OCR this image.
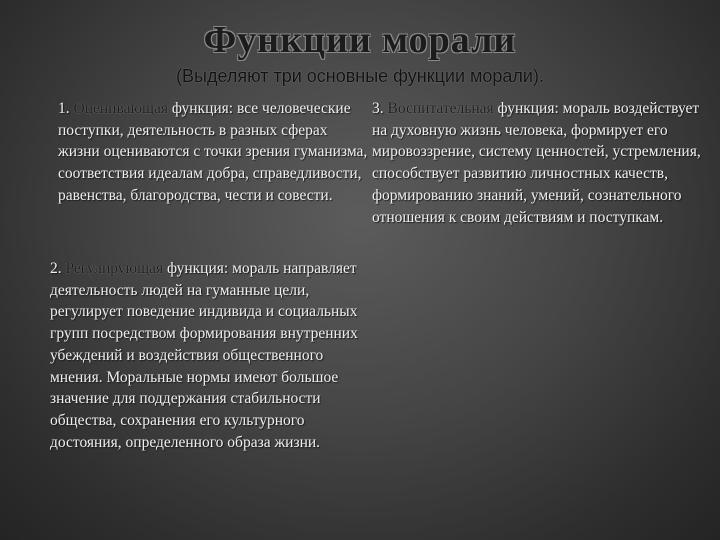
Функции морали
(Выделяют три основные функции морали).
1. Оценивающая функция: все человеческие поступки, деятельность в разных сферах жизни оцениваются с точки зрения гуманизма, соответствия идеалам добра, справедливости, равенства, благородства, чести и совести.
2. Регулирующая функция: мораль направляет деятельность людей на гуманные цели, регулирует поведение индивида и социальных групп посредством формирования внутренних убеждений и воздействия общественного мнения. Моральные нормы имеют большое значение для поддержания стабильности общества, сохранения его культурного достояния, определенного образа жизни.
3. Воспитательная функция: мораль воздействует на духовную жизнь человека, формирует его мировоззрение, систему ценностей, устремления, способствует развитию личностных качеств, формированию знаний, умений, сознательного отношения к своим действиям и поступкам.
